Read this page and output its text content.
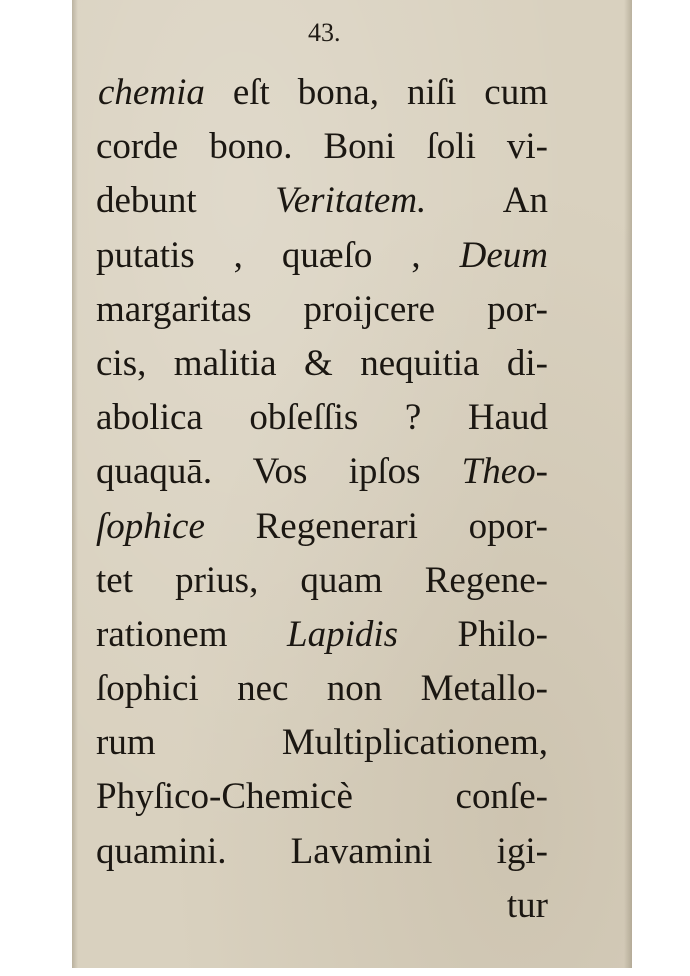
43.
chemia eſt bona, niſi cum
corde bono. Boni ſoli vi-
debunt Veritatem. An
putatis , quæſo , Deum
margaritas proijcere por-
cis, malitia & nequitia di-
abolica obſeſſis ? Haud
quaquā. Vos ipſos Theo-
ſophice Regenerari opor-
tet prius, quam Regene-
rationem Lapidis Philo-
ſophici nec non Metallo-
rum Multiplicationem,
Phyſico-Chemicè conſe-
quamini. Lavamini igi-
tur
